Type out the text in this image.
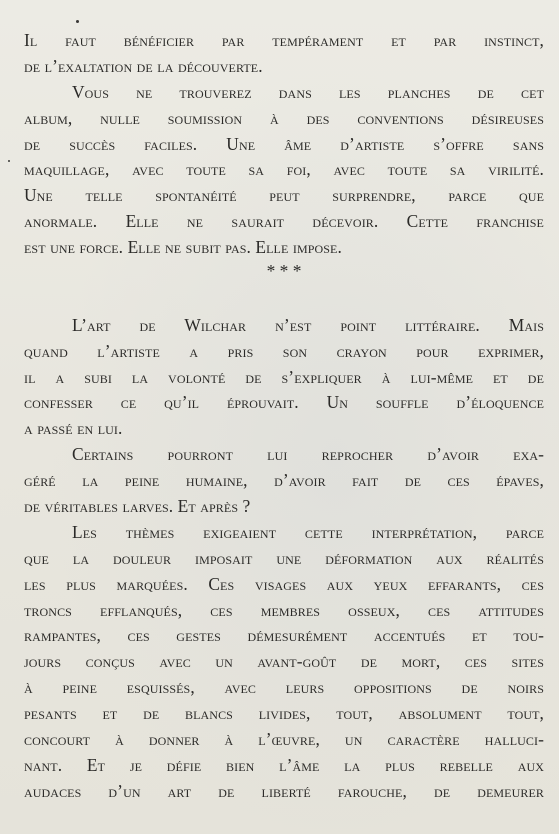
Il faut bénéficier par tempérament et par instinct,
de l’exaltation de la découverte.
Vous ne trouverez dans les planches de cet
album, nulle soumission à des conventions désireuses
de succès faciles. Une âme d’artiste s’offre sans
maquillage, avec toute sa foi, avec toute sa virilité.
Une telle spontanéité peut surprendre, parce que
anormale. Elle ne saurait décevoir. Cette franchise
est une force. Elle ne subit pas. Elle impose.
* * *
L’art de Wilchar n’est point littéraire. Mais
quand l’artiste a pris son crayon pour exprimer,
il a subi la volonté de s’expliquer à lui-même et de
confesser ce qu’il éprouvait. Un souffle d’éloquence
a passé en lui.
Certains pourront lui reprocher d’avoir exa-
géré la peine humaine, d’avoir fait de ces épaves,
de véritables larves. Et après ?
Les thèmes exigeaient cette interprétation, parce
que la douleur imposait une déformation aux réalités
les plus marquées. Ces visages aux yeux effarants, ces
troncs efflanqués, ces membres osseux, ces attitudes
rampantes, ces gestes démesurément accentués et tou-
jours conçus avec un avant-goût de mort, ces sites
à peine esquissés, avec leurs oppositions de noirs
pesants et de blancs livides, tout, absolument tout,
concourt à donner à l’œuvre, un caractère halluci-
nant. Et je défie bien l’âme la plus rebelle aux
audaces d’un art de liberté farouche, de demeurer
